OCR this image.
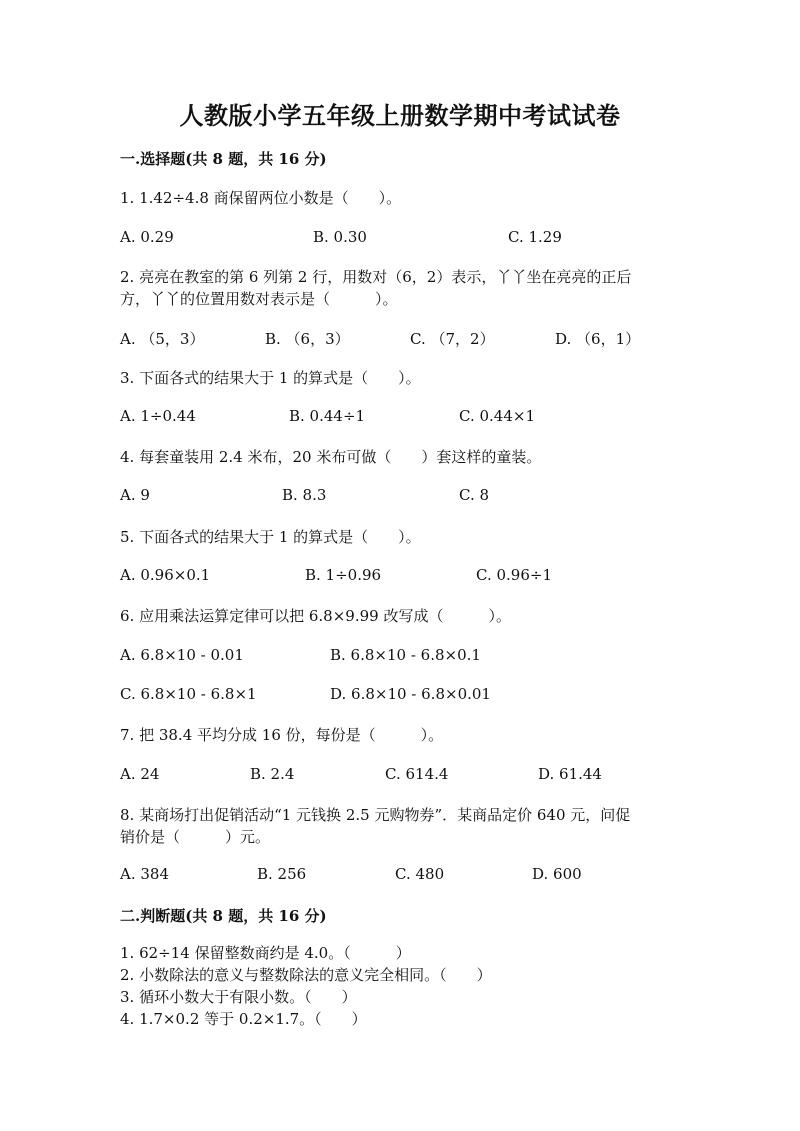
人教版小学五年级上册数学期中考试试卷
一.选择题(共 8 题，共 16 分)
1. 1.42÷4.8 商保留两位小数是（　　）。
A. 0.29	B. 0.30	C. 1.29
2. 亮亮在教室的第 6 列第 2 行，用数对（6，2）表示，丫丫坐在亮亮的正后
方，丫丫的位置用数对表示是（　　　）。
A. （5，3）	B. （6，3）	C. （7，2）	D. （6，1）
3. 下面各式的结果大于 1 的算式是（　　）。
A. 1÷0.44	B. 0.44÷1	C. 0.44×1
4. 每套童装用 2.4 米布，20 米布可做（　　）套这样的童装。
A. 9	B. 8.3	C. 8
5. 下面各式的结果大于 1 的算式是（　　）。
A. 0.96×0.1	B. 1÷0.96	C. 0.96÷1
6. 应用乘法运算定律可以把 6.8×9.99 改写成（　　　）。
A. 6.8×10 - 0.01	B. 6.8×10 - 6.8×0.1
C. 6.8×10 - 6.8×1	D. 6.8×10 - 6.8×0.01
7. 把 38.4 平均分成 16 份，每份是（　　　）。
A. 24	B. 2.4	C. 614.4	D. 61.44
8. 某商场打出促销活动“1 元钱换 2.5 元购物券”．某商品定价 640 元，问促
销价是（　　　）元。
A. 384	B. 256	C. 480	D. 600
二.判断题(共 8 题，共 16 分)
1. 62÷14 保留整数商约是 4.0。（　　　）
2. 小数除法的意义与整数除法的意义完全相同。（　　）
3. 循环小数大于有限小数。（　　）
4. 1.7×0.2 等于 0.2×1.7。（　　）
